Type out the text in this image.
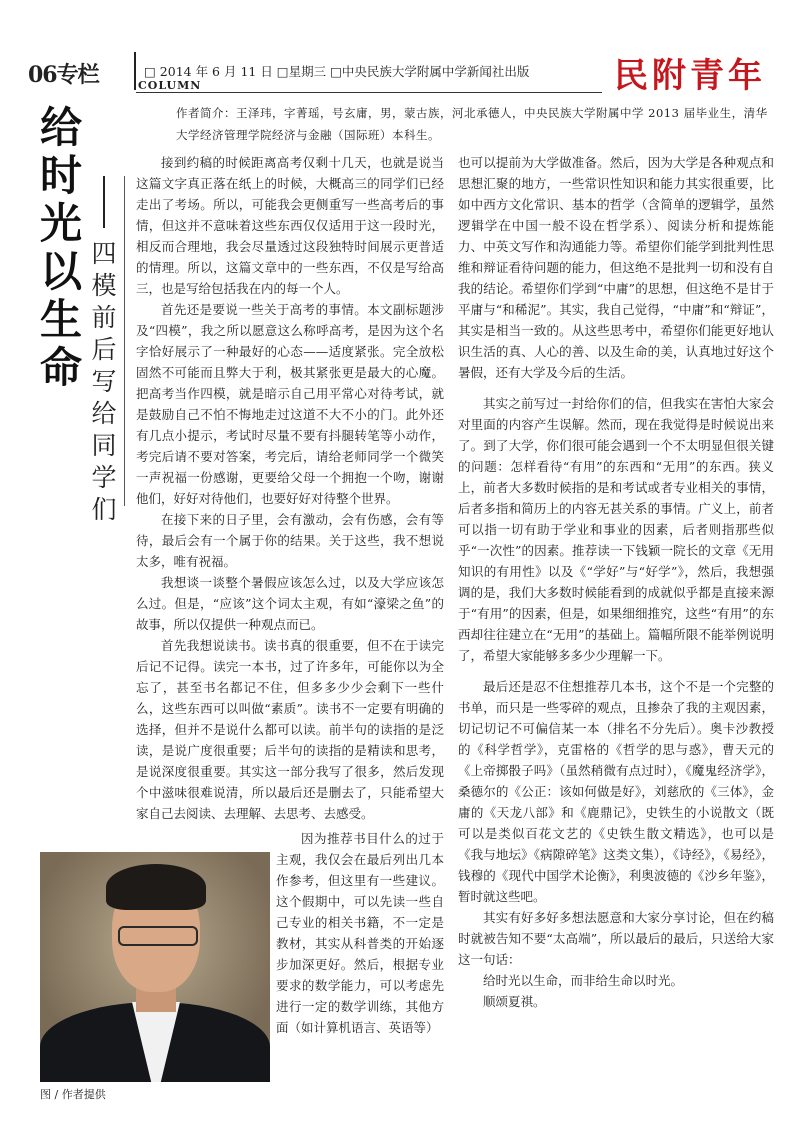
06专栏	□ 2014 年 6 月 11 日 □星期三 □中央民族大学附属中学新闻社出版
COLUMN	民附青年
作者简介：王泽玮，字菁瑶，号玄庸，男，蒙古族，河北承德人，中央民族大学附属中学 2013 届毕业生，清华大学经济管理学院经济与金融（国际班）本科生。
给
时
光
以
生
命
四
模
前
后
写
给
同
学
们

接到约稿的时候距离高考仅剩十几天，也就是说当这篇文字真正落在纸上的时候，大概高三的同学们已经走出了考场。所以，可能我会更侧重写一些高考后的事情，但这并不意味着这些东西仅仅适用于这一段时光，相反而合理地，我会尽量透过这段独特时间展示更普适的情理。所以，这篇文章中的一些东西，不仅是写给高三，也是写给包括我在内的每一个人。

首先还是要说一些关于高考的事情。本文副标题涉及“四模”，我之所以愿意这么称呼高考，是因为这个名字恰好展示了一种最好的心态——适度紧张。完全放松固然不可能而且弊大于利，极其紧张更是最大的心魔。把高考当作四模，就是暗示自己用平常心对待考试，就是鼓励自己不怕不悔地走过这道不大不小的门。此外还有几点小提示，考试时尽量不要有抖腿转笔等小动作，考完后请不要对答案，考完后，请给老师同学一个微笑一声祝福一份感谢，更要给父母一个拥抱一个吻，谢谢他们，好好对待他们，也要好好对待整个世界。

在接下来的日子里，会有激动，会有伤感，会有等待，最后会有一个属于你的结果。关于这些，我不想说太多，唯有祝福。

我想谈一谈整个暑假应该怎么过，以及大学应该怎么过。但是，“应该”这个词太主观，有如“濠梁之鱼”的故事，所以仅提供一种观点而已。

首先我想说读书。读书真的很重要，但不在于读完后记不记得。读完一本书，过了许多年，可能你以为全忘了，甚至书名都记不住，但多多少少会剩下一些什么，这些东西可以叫做“素质”。读书不一定要有明确的选择，但并不是说什么都可以读。前半句的读指的是泛读，是说广度很重要；后半句的读指的是精读和思考，是说深度很重要。其实这一部分我写了很多，然后发现个中滋味很难说清，所以最后还是删去了，只能希望大家自己去阅读、去理解、去思考、去感受。

因为推荐书目什么的过于主观，我仅会在最后列出几本作参考，但这里有一些建议。这个假期中，可以先读一些自己专业的相关书籍，不一定是教材，其实从科普类的开始逐步加深更好。然后，根据专业要求的数学能力，可以考虑先进行一定的数学训练，其他方面（如计算机语言、英语等）

也可以提前为大学做准备。然后，因为大学是各种观点和思想汇聚的地方，一些常识性知识和能力其实很重要，比如中西方文化常识、基本的哲学（含简单的逻辑学，虽然逻辑学在中国一般不设在哲学系）、阅读分析和提炼能力、中英文写作和沟通能力等。希望你们能学到批判性思维和辩证看待问题的能力，但这绝不是批判一切和没有自我的结论。希望你们学到“中庸”的思想，但这绝不是甘于平庸与“和稀泥”。其实，我自己觉得，“中庸”和“辩证”，其实是相当一致的。从这些思考中，希望你们能更好地认识生活的真、人心的善、以及生命的美，认真地过好这个暑假，还有大学及今后的生活。

其实之前写过一封给你们的信，但我实在害怕大家会对里面的内容产生误解。然而，现在我觉得是时候说出来了。到了大学，你们很可能会遇到一个不太明显但很关键的问题：怎样看待“有用”的东西和“无用”的东西。狭义上，前者大多数时候指的是和考试或者专业相关的事情，后者多指和简历上的内容无甚关系的事情。广义上，前者可以指一切有助于学业和事业的因素，后者则指那些似乎“一次性”的因素。推荐读一下钱颖一院长的文章《无用知识的有用性》以及《“学好”与“好学”》，然后，我想强调的是，我们大多数时候能看到的成就似乎都是直接来源于“有用”的因素，但是，如果细细推究，这些“有用”的东西却往往建立在“无用”的基础上。篇幅所限不能举例说明了，希望大家能够多多少少理解一下。

最后还是忍不住想推荐几本书，这个不是一个完整的书单，而只是一些零碎的观点，且掺杂了我的主观因素，切记切记不可偏信某一本（排名不分先后）。奥卡沙教授的《科学哲学》，克雷格的《哲学的思与惑》，曹天元的《上帝掷骰子吗》（虽然稍微有点过时），《魔鬼经济学》，桑德尔的《公正：该如何做是好》，刘慈欣的《三体》，金庸的《天龙八部》和《鹿鼎记》，史铁生的小说散文（既可以是类似百花文艺的《史铁生散文精选》，也可以是《我与地坛》《病隙碎笔》这类文集），《诗经》，《易经》，钱穆的《现代中国学术论衡》，利奥波德的《沙乡年鉴》，暂时就这些吧。

其实有好多好多想法愿意和大家分享讨论，但在约稿时就被告知不要“太高端”，所以最后的最后，只送给大家这一句话：

给时光以生命，而非给生命以时光。

顺颂夏祺。

图 / 作者提供
